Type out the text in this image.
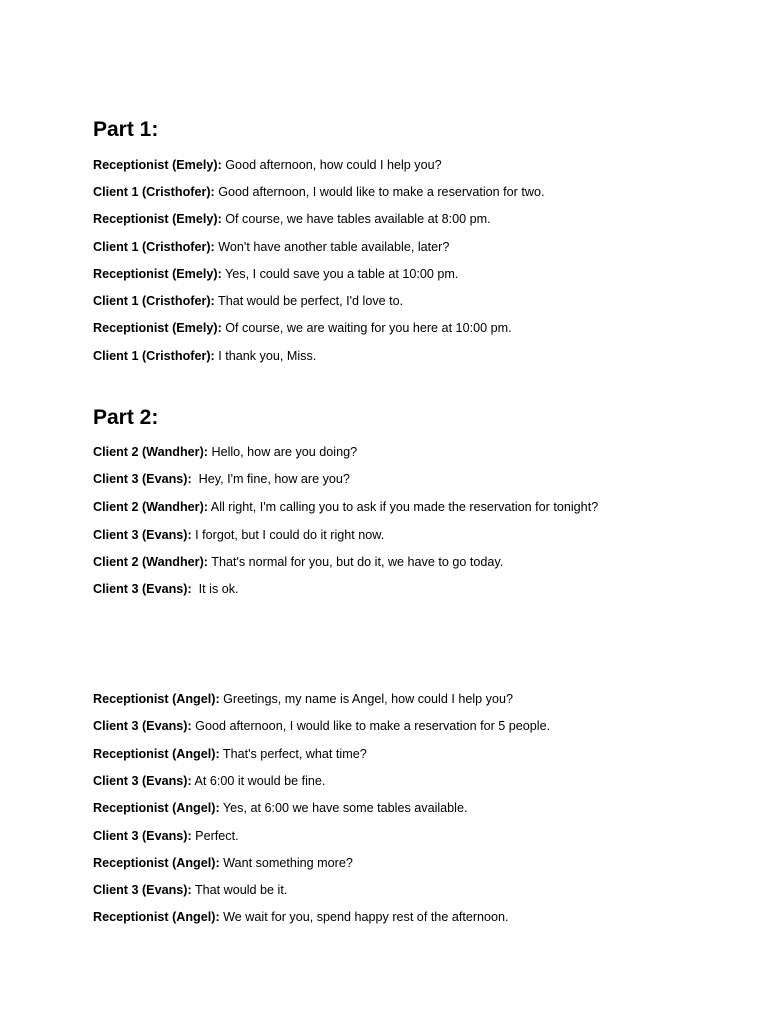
Part 1:

Receptionist (Emely): Good afternoon, how could I help you?

Client 1 (Cristhofer): Good afternoon, I would like to make a reservation for two.

Receptionist (Emely): Of course, we have tables available at 8:00 pm.

Client 1 (Cristhofer): Won't have another table available, later?

Receptionist (Emely): Yes, I could save you a table at 10:00 pm.

Client 1 (Cristhofer): That would be perfect, I'd love to.

Receptionist (Emely): Of course, we are waiting for you here at 10:00 pm.

Client 1 (Cristhofer): I thank you, Miss.

Part 2:

Client 2 (Wandher): Hello, how are you doing?

Client 3 (Evans):  Hey, I'm fine, how are you?

Client 2 (Wandher): All right, I'm calling you to ask if you made the reservation for tonight?

Client 3 (Evans): I forgot, but I could do it right now.

Client 2 (Wandher): That's normal for you, but do it, we have to go today.

Client 3 (Evans):  It is ok.

Receptionist (Angel): Greetings, my name is Angel, how could I help you?

Client 3 (Evans): Good afternoon, I would like to make a reservation for 5 people.

Receptionist (Angel): That's perfect, what time?

Client 3 (Evans): At 6:00 it would be fine.

Receptionist (Angel): Yes, at 6:00 we have some tables available.

Client 3 (Evans): Perfect.

Receptionist (Angel): Want something more?

Client 3 (Evans): That would be it.

Receptionist (Angel): We wait for you, spend happy rest of the afternoon.
